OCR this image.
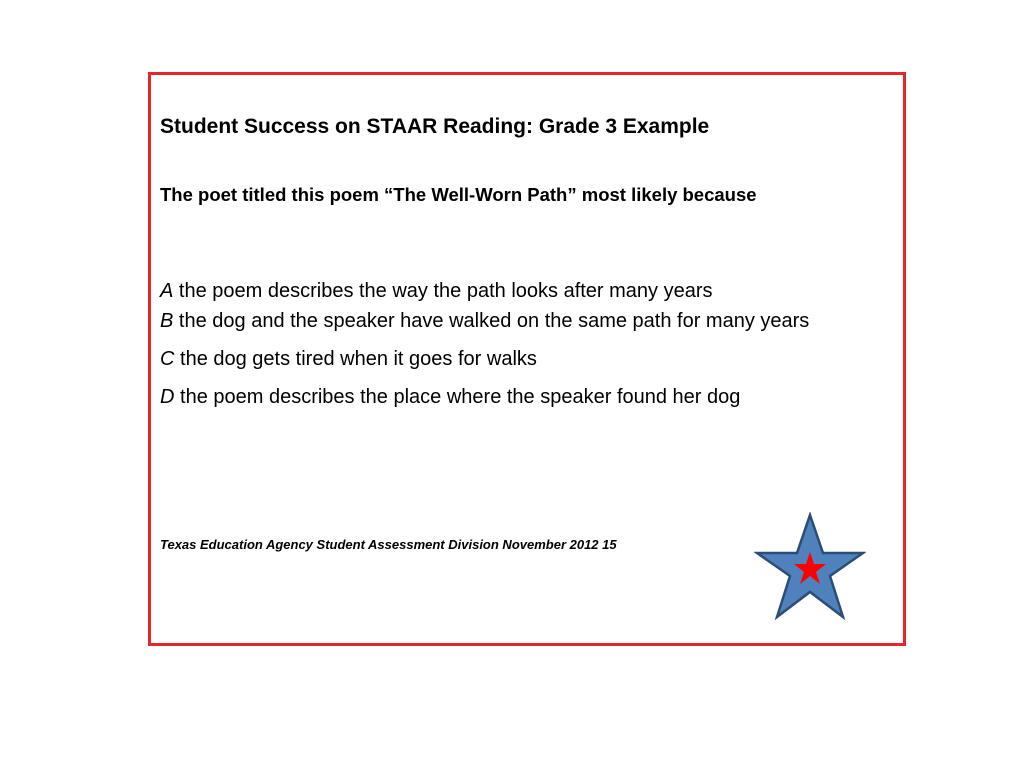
Student Success on STAAR Reading: Grade 3 Example
The poet titled this poem “The Well-Worn Path” most likely because
A the poem describes the way the path looks after many years
B the dog and the speaker have walked on the same path for many years
C the dog gets tired when it goes for walks
D the poem describes the place where the speaker found her dog
Texas Education Agency Student Assessment Division November 2012 15
